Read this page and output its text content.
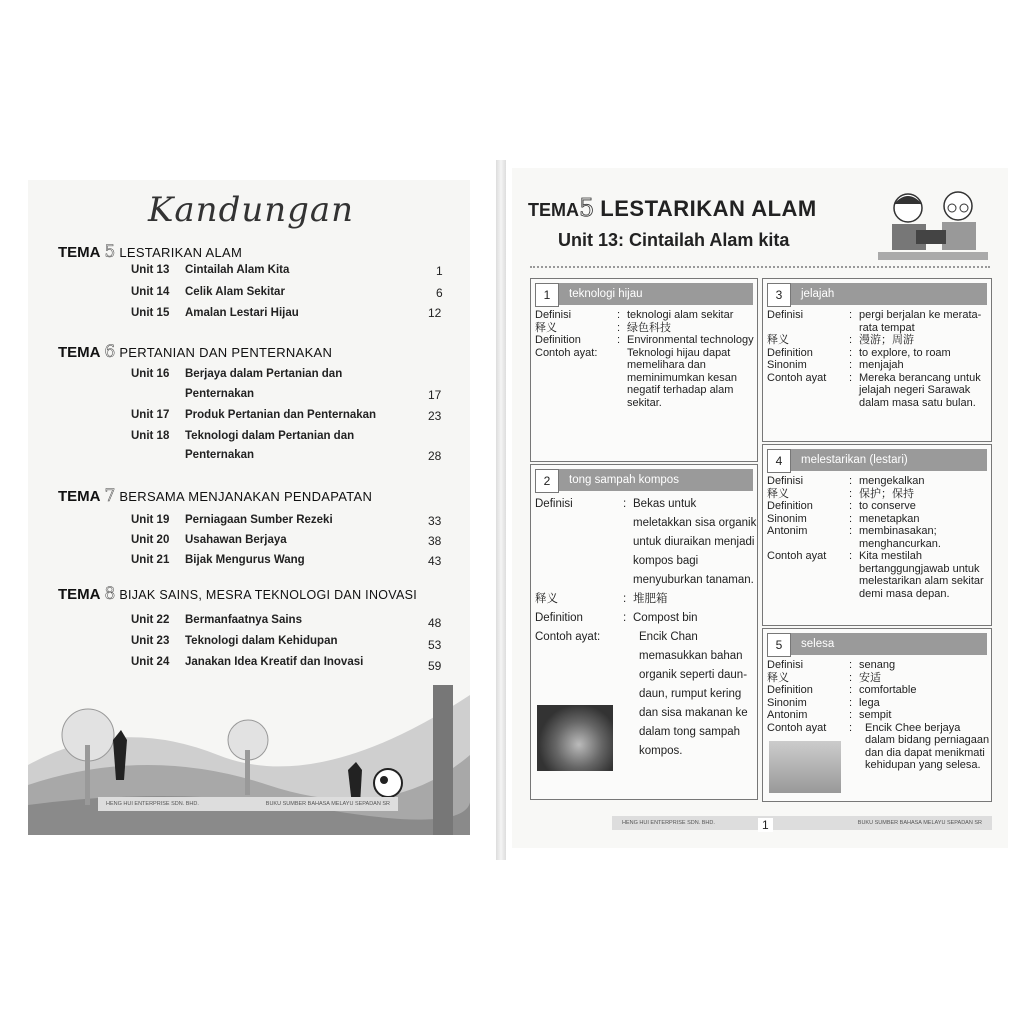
Kandungan
TEMA 5 LESTARIKAN ALAM
Unit 13 Cintailah Alam Kita	1
Unit 14 Celik Alam Sekitar	6
Unit 15 Amalan Lestari Hijau	12
TEMA 6 PERTANIAN DAN PENTERNAKAN
Unit 16 Berjaya dalam Pertanian dan
Penternakan	17
Unit 17 Produk Pertanian dan Penternakan	23
Unit 18 Teknologi dalam Pertanian dan
Penternakan	28
TEMA 7 BERSAMA MENJANAKAN PENDAPATAN
Unit 19 Perniagaan Sumber Rezeki	33
Unit 20 Usahawan Berjaya	38
Unit 21 Bijak Mengurus Wang	43
TEMA 8 BIJAK SAINS, MESRA TEKNOLOGI DAN INOVASI
Unit 22 Bermanfaatnya Sains	48
Unit 23 Teknologi dalam Kehidupan	53
Unit 24 Janakan Idea Kreatif dan Inovasi	59
HENG HUI ENTERPRISE SDN. BHD.	BUKU SUMBER BAHASA MELAYU SEPADAN SR
TEMA5 LESTARIKAN ALAM
Unit 13: Cintailah Alam kita
1	teknologi hijau
Definisi	: teknologi alam sekitar
释义	: 绿色科技
Definition	: Environmental technology
Contoh ayat:	Teknologi hijau dapat memelihara dan meminimumkan kesan negatif terhadap alam sekitar.
2	tong sampah kompos
Definisi	: Bekas untuk meletakkan sisa organik untuk diuraikan menjadi kompos bagi menyuburkan tanaman.
释义	: 堆肥箱
Definition	: Compost bin
Contoh ayat:	Encik Chan memasukkan bahan organik seperti daun-daun, rumput kering dan sisa makanan ke dalam tong sampah kompos.
3	jelajah
Definisi	: pergi berjalan ke merata-rata tempat
释义	: 漫游；周游
Definition	: to explore, to roam
Sinonim	: menjajah
Contoh ayat	: Mereka berancang untuk jelajah negeri Sarawak dalam masa satu bulan.
4	melestarikan (lestari)
Definisi	: mengekalkan
释义	: 保护；保持
Definition	: to conserve
Sinonim	: menetapkan
Antonim	: membinasakan; menghancurkan.
Contoh ayat	: Kita mestilah bertanggungjawab untuk melestarikan alam sekitar demi masa depan.
5	selesa
Definisi	: senang
释义	: 安适
Definition	: comfortable
Sinonim	: lega
Antonim	: sempit
Contoh ayat	:	Encik Chee berjaya dalam bidang perniagaan dan dia dapat menikmati kehidupan yang selesa.
HENG HUI ENTERPRISE SDN. BHD.	BUKU SUMBER BAHASA MELAYU SEPADAN SR
1
